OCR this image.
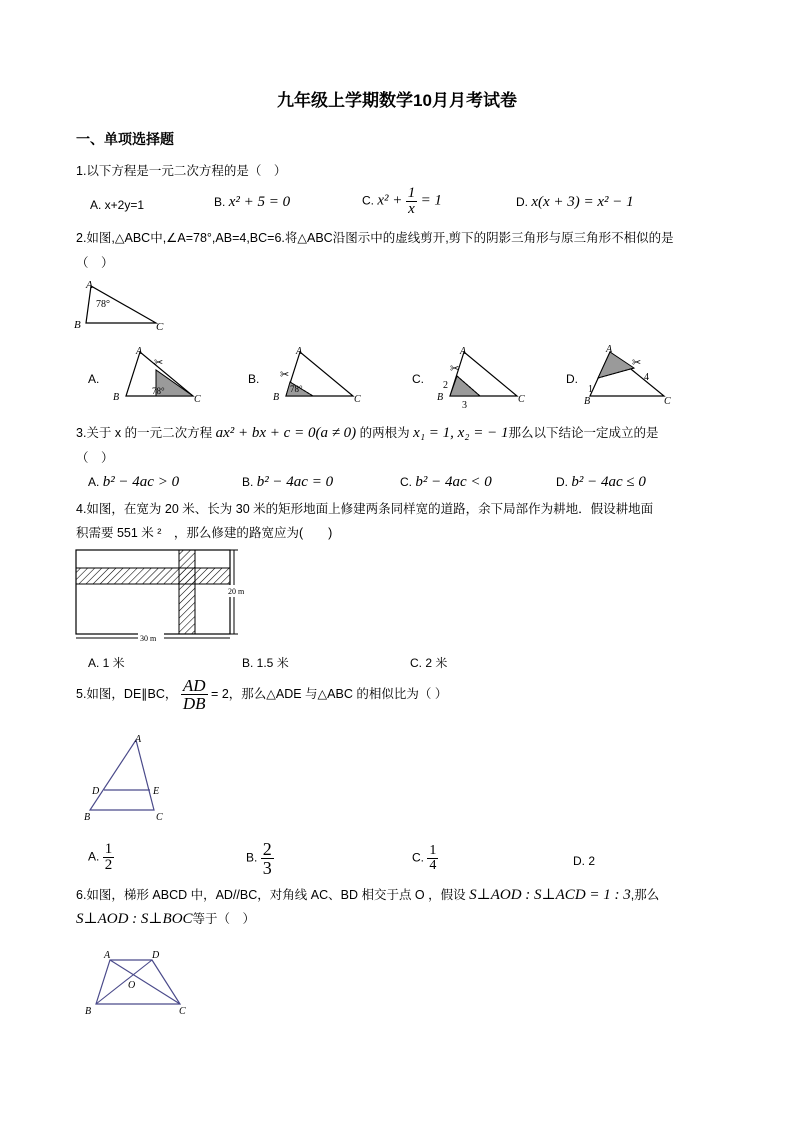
九年级上学期数学10月月考试卷
一、单项选择题
1.以下方程是一元二次方程的是（　）
A. x+2y=1	B. x² + 5 = 0	C. $x^2 + \frac{1}{x} = 1$	D. x(x + 3) = x² − 1
2.如图,△ABC中,∠A=78°,AB=4,BC=6.将△ABC沿图示中的虚线剪开,剪下的阴影三角形与原三角形不相似的是
（　）
A
B	C
78°
A.
A
B	C
78°
✂
B.
A
B	C
78°
✂	C.
A
B	C
2
3
✂
D.
A
B	C
1
4
✂
3.关于 x 的一元二次方程 ax² + bx + c = 0(a ≠ 0) 的两根为 x₁ = 1, x₂ = − 1那么以下结论一定成立的是
（　）
A. b² − 4ac > 0	B. b² − 4ac = 0	C. b² − 4ac < 0	D. b² − 4ac ≤ 0
4.如图，在宽为 20 米、长为 30 米的矩形地面上修建两条同样宽的道路，余下局部作为耕地．假设耕地面
积需要 551 米 ²　，那么修建的路宽应为(　　)
20 m
30 m
A. 1 米	B. 1.5 米	C. 2 米
5.如图，DE∥BC， $\frac{AD}{DB} = 2$，那么△ADE 与△ABC 的相似比为（ ）
A
D	E
B	C
A. $\frac{1}{2}$	B. $\frac{2}{3}$	C. $\frac{1}{4}$	D. 2
6.如图，梯形 ABCD 中，AD//BC，对角线 AC、BD 相交于点 O ，假设 S⊥AOD : S⊥ACD = 1 : 3,那么
S⊥AOD : S⊥BOC等于（　）
A	D
O
B	C
